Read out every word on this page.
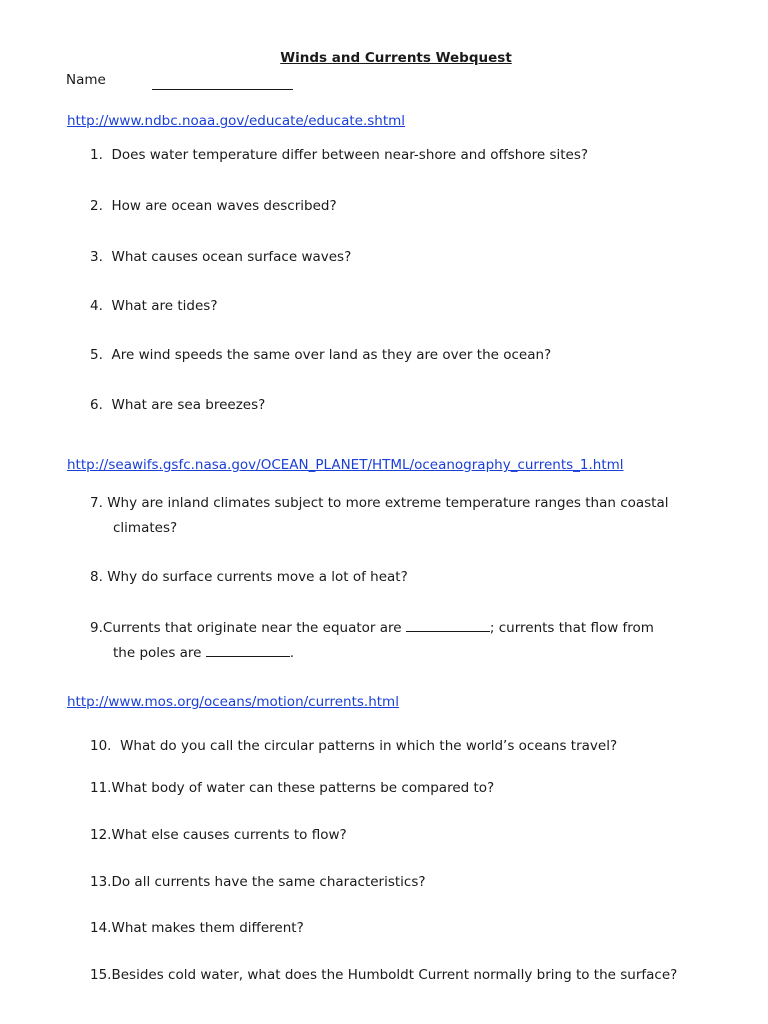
Winds and Currents Webquest
Name
http://www.ndbc.noaa.gov/educate/educate.shtml
1. Does water temperature differ between near-shore and offshore sites?
2. How are ocean waves described?
3. What causes ocean surface waves?
4. What are tides?
5. Are wind speeds the same over land as they are over the ocean?
6. What are sea breezes?
http://seawifs.gsfc.nasa.gov/OCEAN_PLANET/HTML/oceanography_currents_1.html
7. Why are inland climates subject to more extreme temperature ranges than coastal
climates?
8. Why do surface currents move a lot of heat?
9.Currents that originate near the equator are	; currents that flow from
the poles are	.
http://www.mos.org/oceans/motion/currents.html
10. What do you call the circular patterns in which the world’s oceans travel?
11.What body of water can these patterns be compared to?
12.What else causes currents to flow?
13.Do all currents have the same characteristics?
14.What makes them different?
15.Besides cold water, what does the Humboldt Current normally bring to the surface?
